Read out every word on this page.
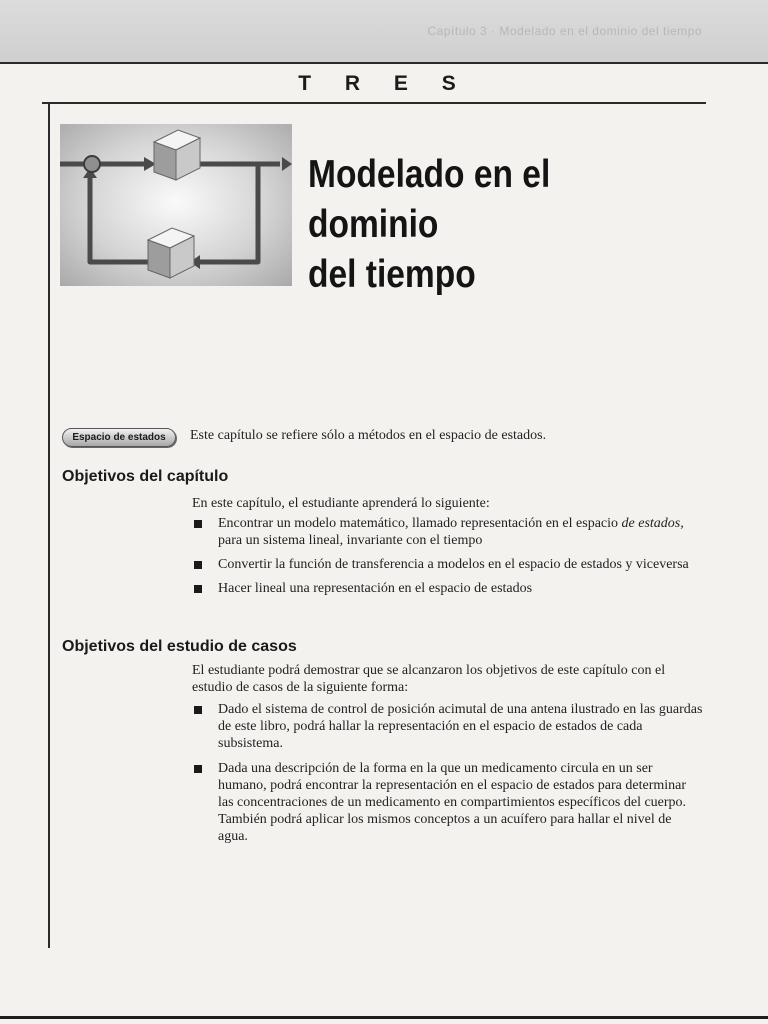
Capítulo 3 · Modelado en el dominio del tiempo
T R E S
Modelado en el dominio
del tiempo
Espacio de estados	Este capítulo se refiere sólo a métodos en el espacio de estados.
Objetivos del capítulo
En este capítulo, el estudiante aprenderá lo siguiente:
Encontrar un modelo matemático, llamado representación en el espacio de estados, para un sistema lineal, invariante con el tiempo
Convertir la función de transferencia a modelos en el espacio de estados y viceversa
Hacer lineal una representación en el espacio de estados
Objetivos del estudio de casos
El estudiante podrá demostrar que se alcanzaron los objetivos de este capítulo con el estudio de casos de la siguiente forma:
Dado el sistema de control de posición acimutal de una antena ilustrado en las guardas de este libro, podrá hallar la representación en el espacio de estados de cada subsistema.
Dada una descripción de la forma en la que un medicamento circula en un ser humano, podrá encontrar la representación en el espacio de estados para determinar las concentraciones de un medicamento en compartimientos específicos del cuerpo. También podrá aplicar los mismos conceptos a un acuífero para hallar el nivel de agua.
